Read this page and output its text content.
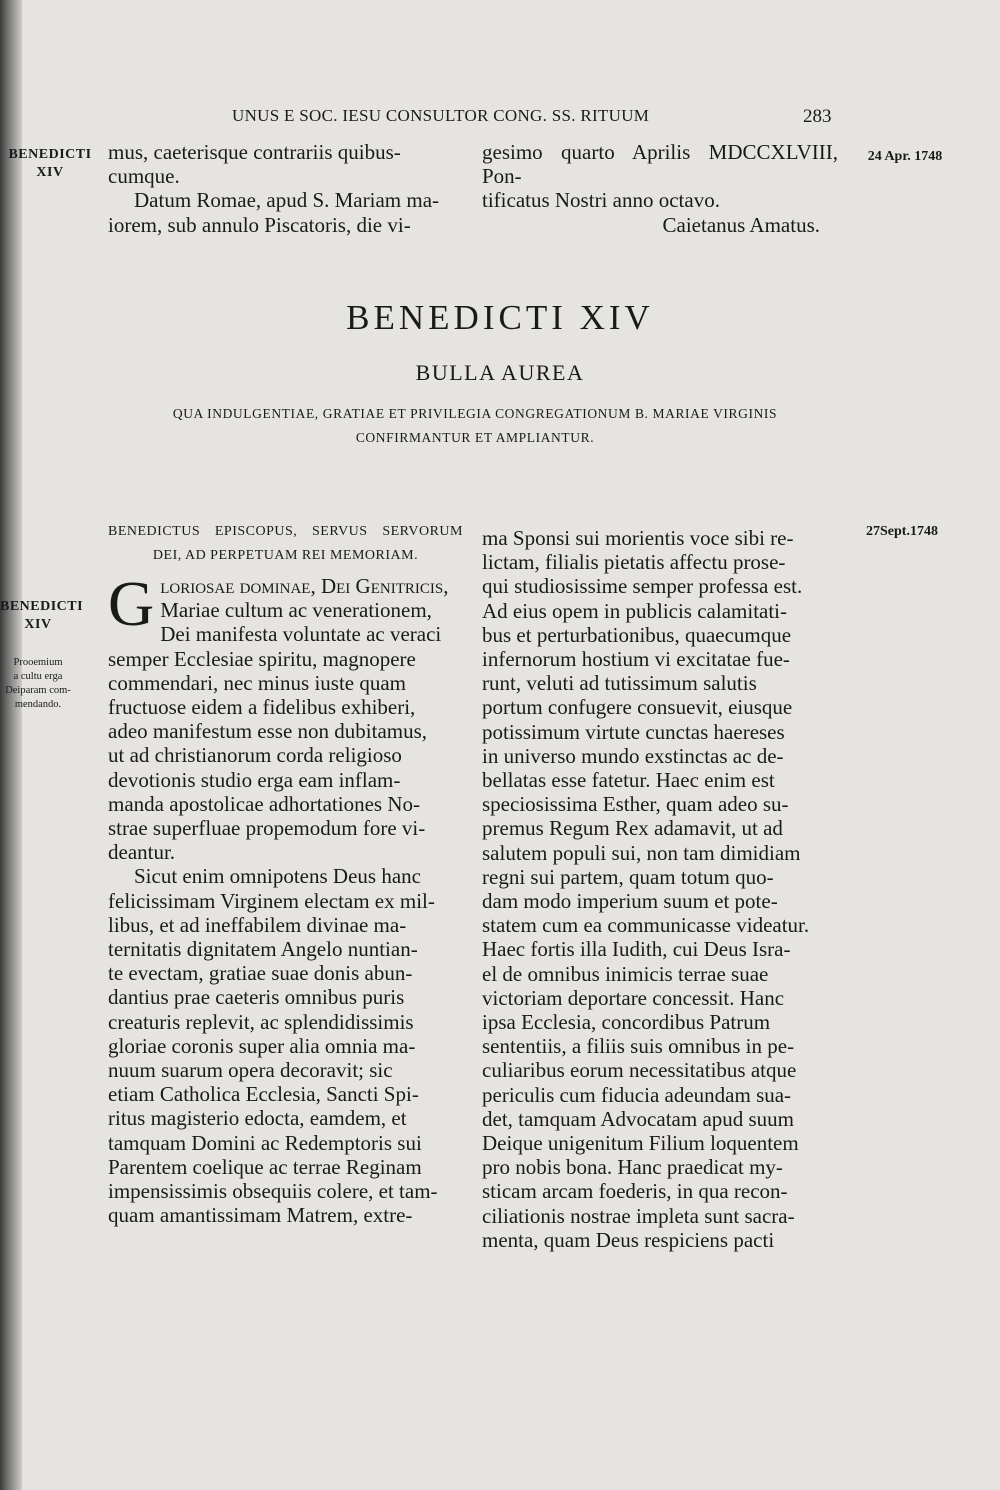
UNUS E SOC. IESU CONSULTOR CONG. SS. RITUUM	283
BENEDICTI
XIV
24 Apr. 1748

mus, caeterisque contrariis quibus-

cumque.

Datum Romae, apud S. Mariam ma-

iorem, sub annulo Piscatoris, die vi-

gesimo quarto Aprilis MDCCXLVIII, Pon-

tificatus Nostri anno octavo.

Caietanus Amatus.

BENEDICTI XIV
BULLA AUREA
QUA INDULGENTIAE, GRATIAE ET PRIVILEGIA CONGREGATIONUM B. MARIAE VIRGINIS
CONFIRMANTUR ET AMPLIANTUR.
BENEDICTUS EPISCOPUS, SERVUS SERVORUM
DEI, AD PERPETUAM REI MEMORIAM.
27Sept.1748
BENEDICTI
XIV
Prooemium
a cultu erga
Deiparam com-
mendando.
G loriosae dominae, Dei Genitricis,

Mariae cultum ac venerationem,

Dei manifesta voluntate ac veraci

semper Ecclesiae spiritu, magnopere

commendari, nec minus iuste quam

fructuose eidem a fidelibus exhiberi,

adeo manifestum esse non dubitamus,

ut ad christianorum corda religioso

devotionis studio erga eam inflam-

manda apostolicae adhortationes No-

strae superfluae propemodum fore vi-

deantur.

Sicut enim omnipotens Deus hanc

felicissimam Virginem electam ex mil-

libus, et ad ineffabilem divinae ma-

ternitatis dignitatem Angelo nuntian-

te evectam, gratiae suae donis abun-

dantius prae caeteris omnibus puris

creaturis replevit, ac splendidissimis

gloriae coronis super alia omnia ma-

nuum suarum opera decoravit; sic

etiam Catholica Ecclesia, Sancti Spi-

ritus magisterio edocta, eamdem, et

tamquam Domini ac Redemptoris sui

Parentem coelique ac terrae Reginam

impensissimis obsequiis colere, et tam-

quam amantissimam Matrem, extre-

ma Sponsi sui morientis voce sibi re-

lictam, filialis pietatis affectu prose-

qui studiosissime semper professa est.

Ad eius opem in publicis calamitati-

bus et perturbationibus, quaecumque

infernorum hostium vi excitatae fue-

runt, veluti ad tutissimum salutis

portum confugere consuevit, eiusque

potissimum virtute cunctas haereses

in universo mundo exstinctas ac de-

bellatas esse fatetur. Haec enim est

speciosissima Esther, quam adeo su-

premus Regum Rex adamavit, ut ad

salutem populi sui, non tam dimidiam

regni sui partem, quam totum quo-

dam modo imperium suum et pote-

statem cum ea communicasse videatur.

Haec fortis illa Iudith, cui Deus Isra-

el de omnibus inimicis terrae suae

victoriam deportare concessit. Hanc

ipsa Ecclesia, concordibus Patrum

sententiis, a filiis suis omnibus in pe-

culiaribus eorum necessitatibus atque

periculis cum fiducia adeundam sua-

det, tamquam Advocatam apud suum

Deique unigenitum Filium loquentem

pro nobis bona. Hanc praedicat my-

sticam arcam foederis, in qua recon-

ciliationis nostrae impleta sunt sacra-

menta, quam Deus respiciens pacti
